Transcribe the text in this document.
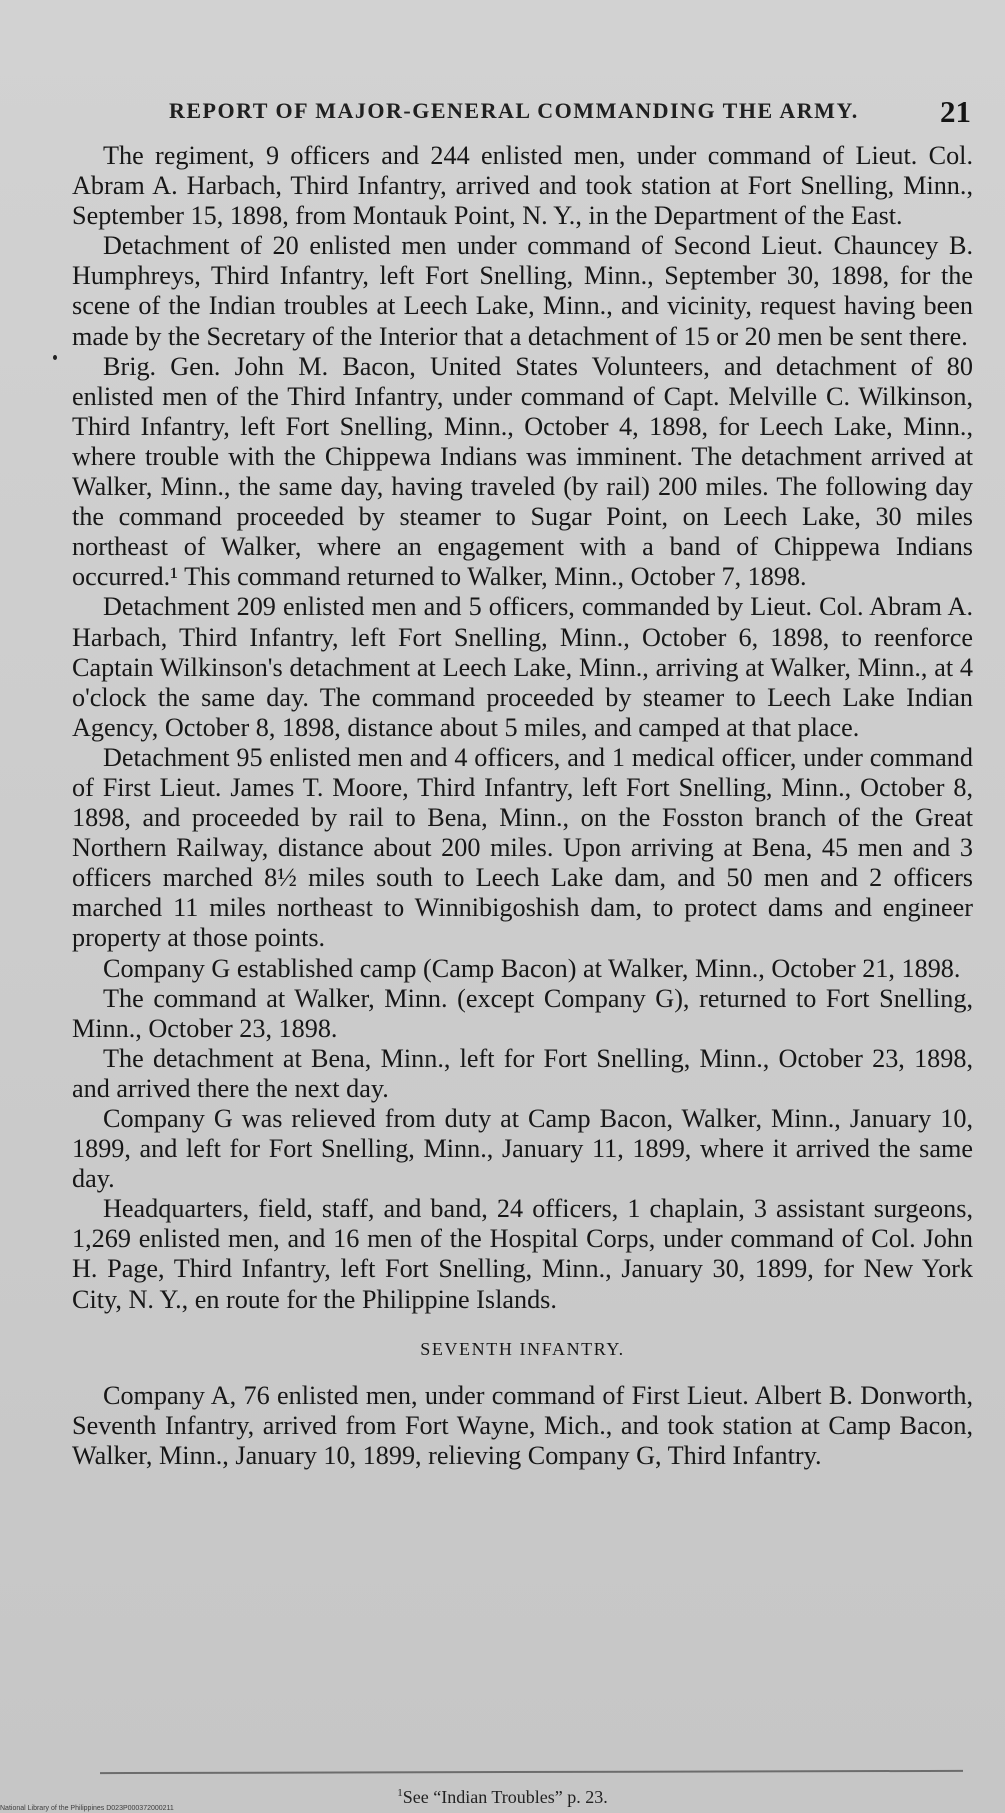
REPORT OF MAJOR-GENERAL COMMANDING THE ARMY.	21

The regiment, 9 officers and 244 enlisted men, under command of Lieut. Col. Abram A. Harbach, Third Infantry, arrived and took station at Fort Snelling, Minn., September 15, 1898, from Montauk Point, N. Y., in the Department of the East.

Detachment of 20 enlisted men under command of Second Lieut. Chauncey B. Humphreys, Third Infantry, left Fort Snelling, Minn., September 30, 1898, for the scene of the Indian troubles at Leech Lake, Minn., and vicinity, request having been made by the Secretary of the Interior that a detachment of 15 or 20 men be sent there.

Brig. Gen. John M. Bacon, United States Volunteers, and detachment of 80 enlisted men of the Third Infantry, under command of Capt. Melville C. Wilkinson, Third Infantry, left Fort Snelling, Minn., October 4, 1898, for Leech Lake, Minn., where trouble with the Chippewa Indians was imminent. The detachment arrived at Walker, Minn., the same day, having traveled (by rail) 200 miles. The following day the command proceeded by steamer to Sugar Point, on Leech Lake, 30 miles northeast of Walker, where an engagement with a band of Chippewa Indians occurred.¹ This command returned to Walker, Minn., October 7, 1898.

Detachment 209 enlisted men and 5 officers, commanded by Lieut. Col. Abram A. Harbach, Third Infantry, left Fort Snelling, Minn., October 6, 1898, to reenforce Captain Wilkinson's detachment at Leech Lake, Minn., arriving at Walker, Minn., at 4 o'clock the same day. The command proceeded by steamer to Leech Lake Indian Agency, October 8, 1898, distance about 5 miles, and camped at that place.

Detachment 95 enlisted men and 4 officers, and 1 medical officer, under command of First Lieut. James T. Moore, Third Infantry, left Fort Snelling, Minn., October 8, 1898, and proceeded by rail to Bena, Minn., on the Fosston branch of the Great Northern Railway, distance about 200 miles. Upon arriving at Bena, 45 men and 3 officers marched 8½ miles south to Leech Lake dam, and 50 men and 2 officers marched 11 miles northeast to Winnibigoshish dam, to protect dams and engineer property at those points.

Company G established camp (Camp Bacon) at Walker, Minn., October 21, 1898.

The command at Walker, Minn. (except Company G), returned to Fort Snelling, Minn., October 23, 1898.

The detachment at Bena, Minn., left for Fort Snelling, Minn., October 23, 1898, and arrived there the next day.

Company G was relieved from duty at Camp Bacon, Walker, Minn., January 10, 1899, and left for Fort Snelling, Minn., January 11, 1899, where it arrived the same day.

Headquarters, field, staff, and band, 24 officers, 1 chaplain, 3 assistant surgeons, 1,269 enlisted men, and 16 men of the Hospital Corps, under command of Col. John H. Page, Third Infantry, left Fort Snelling, Minn., January 30, 1899, for New York City, N. Y., en route for the Philippine Islands.

SEVENTH INFANTRY.

Company A, 76 enlisted men, under command of First Lieut. Albert B. Donworth, Seventh Infantry, arrived from Fort Wayne, Mich., and took station at Camp Bacon, Walker, Minn., January 10, 1899, relieving Company G, Third Infantry.

$^1$See “Indian Troubles” p. 23.
National Library of the Philippines D023P000372000211
